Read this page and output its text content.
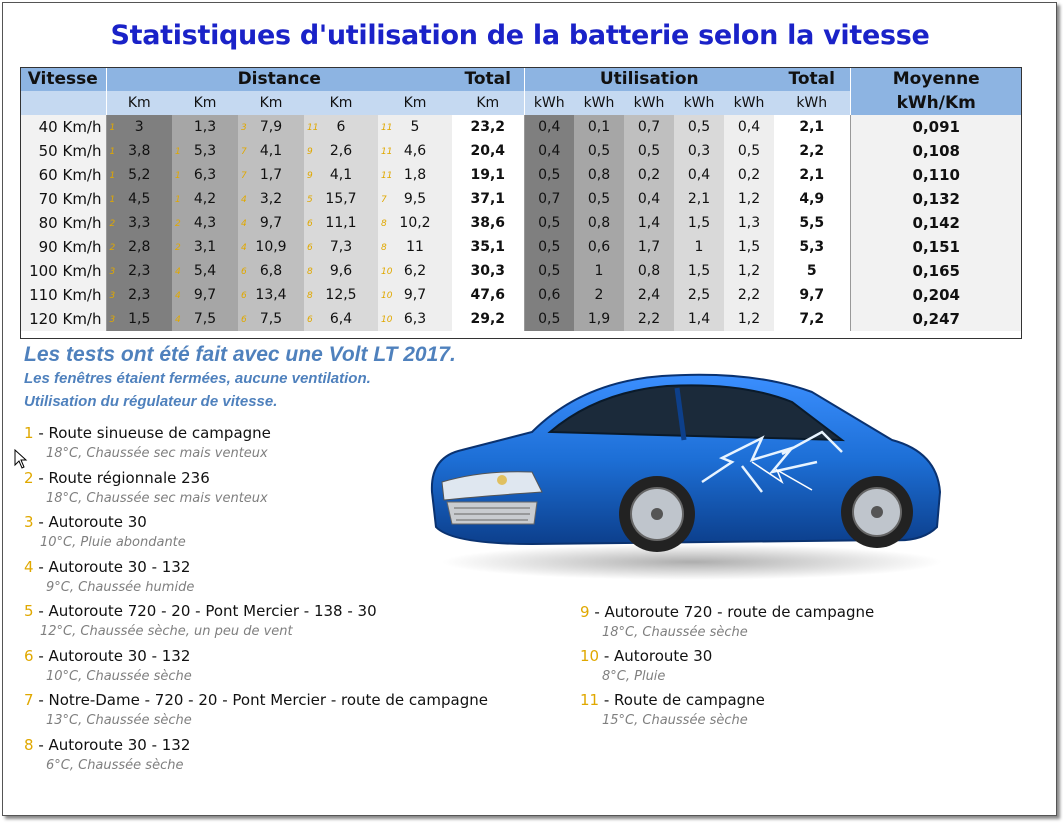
Statistiques d'utilisation de la batterie selon la vitesse
Vitesse	Distance					Total	Utilisation					Total	Moyenne
	Km	Km	Km	Km	Km	Km	kWh	kWh	kWh	kWh	kWh	kWh	kWh/Km
40 Km/h	1 3	1,3	3 7,9	11 6	11 5	23,2	0,4	0,1	0,7	0,5	0,4	2,1	0,091
50 Km/h	1 3,8	1 5,3	7 4,1	9 2,6	11 4,6	20,4	0,4	0,5	0,5	0,3	0,5	2,2	0,108
60 Km/h	1 5,2	1 6,3	7 1,7	9 4,1	11 1,8	19,1	0,5	0,8	0,2	0,4	0,2	2,1	0,110
70 Km/h	1 4,5	1 4,2	4 3,2	5 15,7	7 9,5	37,1	0,7	0,5	0,4	2,1	1,2	4,9	0,132
80 Km/h	2 3,3	2 4,3	4 9,7	6 11,1	8 10,2	38,6	0,5	0,8	1,4	1,5	1,3	5,5	0,142
90 Km/h	2 2,8	2 3,1	4 10,9	6 7,3	8 11	35,1	0,5	0,6	1,7	1	1,5	5,3	0,151
100 Km/h	3 2,3	4 5,4	6 6,8	8 9,6	10 6,2	30,3	0,5	1	0,8	1,5	1,2	5	0,165
110 Km/h	3 2,3	4 9,7	6 13,4	8 12,5	10 9,7	47,6	0,6	2	2,4	2,5	2,2	9,7	0,204
120 Km/h	3 1,5	4 7,5	6 7,5	6 6,4	10 6,3	29,2	0,5	1,9	2,2	1,4	1,2	7,2	0,247
Les tests ont été fait avec une Volt LT 2017.
Les fenêtres étaient fermées, aucune ventilation.
Utilisation du régulateur de vitesse.
1 - Route sinueuse de campagne
18°C, Chaussée sec mais venteux
2 - Route régionnale 236
18°C, Chaussée sec mais venteux
3 - Autoroute 30
10°C, Pluie abondante
4 - Autoroute 30 - 132
9°C, Chaussée humide
5 - Autoroute 720 - 20 - Pont Mercier - 138 - 30
12°C, Chaussée sèche, un peu de vent
6 - Autoroute 30 - 132
10°C, Chaussée sèche
7 - Notre-Dame - 720 - 20 - Pont Mercier - route de campagne
13°C, Chaussée sèche
8 - Autoroute 30 - 132
6°C, Chaussée sèche
9 - Autoroute 720 - route de campagne
18°C, Chaussée sèche
10 - Autoroute 30
8°C, Pluie
11 - Route de campagne
15°C, Chaussée sèche
